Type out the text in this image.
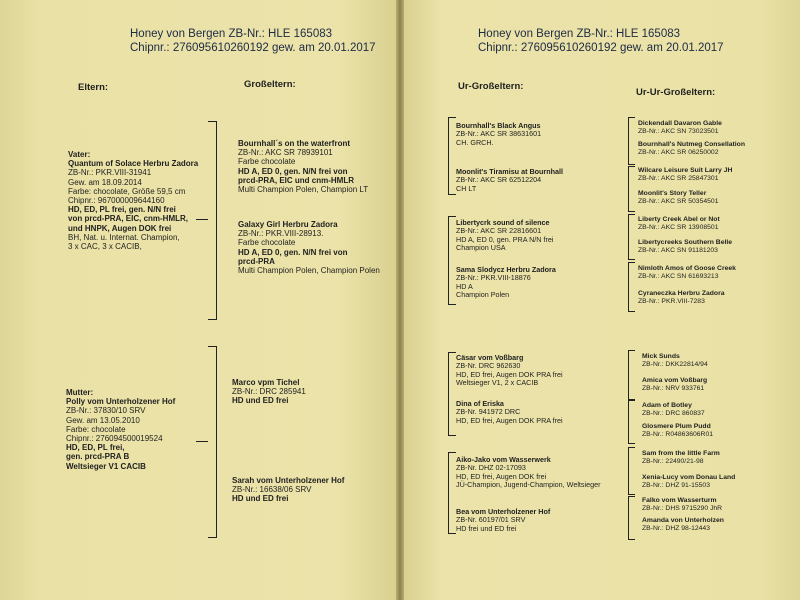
Honey von Bergen ZB-Nr.: HLE 165083
Chipnr.: 276095610260192 gew. am 20.01.2017
Honey von Bergen ZB-Nr.: HLE 165083
Chipnr.: 276095610260192 gew. am 20.01.2017
Eltern:	Großeltern:	Ur-Großeltern:
Ur-Ur-Großeltern:
Vater:
Quantum of Solace Herbru Zadora
ZB-Nr.: PKR.VIII-31941
Gew. am 18.09.2014
Farbe: chocolate, Größe 59,5 cm
Chipnr.: 967000009644160
HD, ED, PL frei, gen. N/N frei
von prcd-PRA, EIC, cnm-HMLR,
und HNPK, Augen DOK frei
BH, Nat. u. Internat. Champion,
3 x CAC, 3 x CACIB,
Mutter:
Polly vom Unterholzener Hof
ZB-Nr.: 37830/10 SRV
Gew. am 13.05.2010
Farbe: chocolate
Chipnr.: 276094500019524
HD, ED, PL frei,
gen. prcd-PRA B
Weltsieger V1 CACIB
Bournhall´s on the waterfront
ZB-Nr.: AKC SR 78939101
Farbe chocolate
HD A, ED 0, gen. N/N frei von
prcd-PRA, EIC und cnm-HMLR
Multi Champion Polen, Champion LT
Galaxy Girl Herbru Zadora
ZB-Nr.: PKR.VIII-28913.
Farbe chocolate
HD A, ED 0, gen. N/N frei von
prcd-PRA
Multi Champion Polen, Champion Polen
Marco vpm Tichel
ZB-Nr.: DRC 285941
HD und ED frei
Sarah vom Unterholzener Hof
ZB-Nr.: 16638/06 SRV
HD und ED frei
Bournhall's Black Angus
ZB-Nr.: AKC SR 38631601
CH. GRCH.
Moonlit's Tiramisu at Bournhall
ZB-Nr.: AKC SR 62512204
CH LT
Libertycrk sound of silence
ZB-Nr.: AKC SR 22816601
HD A, ED 0, gen. PRA N/N frei
Champion USA
Sama Slodycz Herbru Zadora
ZB-Nr.: PKR.VIII-18876
HD A
Champion Polen
Cäsar vom Voßbarg
ZB-Nr. DRC 962630
HD, ED frei, Augen DOK PRA frei
Weltsieger V1, 2 x CACIB
Dina of Eriska
ZB-Nr. 941972 DRC
HD, ED frei, Augen DOK PRA frei
Aiko-Jako vom Wasserwerk
ZB-Nr. DHZ 02-17093
HD, ED frei, Augen DOK frei
JÜ-Champion, Jugend-Champion, Weltsieger
Bea vom Unterholzener Hof
ZB-Nr. 60197/01 SRV
HD frei und ED frei
Dickendall Davaron Gable
ZB-Nr.: AKC SN 73023501
Bournhall's Nutmeg Consellation
ZB-Nr.: AKC SR 06250002
Wilcare Leisure Suit Larry JH
ZB-Nr.: AKC SR 25847301
Moonlit's Story Teller
ZB-Nr.: AKC SR 50354501
Liberty Creek Abel or Not
ZB-Nr.: AKC SR 13908501
Libertycreeks Southern Belle
ZB-Nr.: AKC SN 91181203
Nimloth Amos of Goose Creek
ZB-Nr.: AKC SN 61693213
Cyraneczka Herbru Zadora
ZB-Nr.: PKR.VIII-7283
Mick Sunds
ZB-Nr.: DKK22814/94
Amica vom Voßbarg
ZB-Nr.: NRV 933761
Adam of Botley
ZB-Nr.: DRC 860837
Glosmere Plum Pudd
ZB-Nr.: R04863606R01
Sam from the little Farm
ZB-Nr.: 22490/21-98
Xenia-Lucy vom Donau Land
ZB-Nr.: DHZ 91-15503
Falko vom Wasserturm
ZB-Nr.: DHS 9715290 JhR
Amanda von Unterholzen
ZB-Nr.: DHZ 98-12443
